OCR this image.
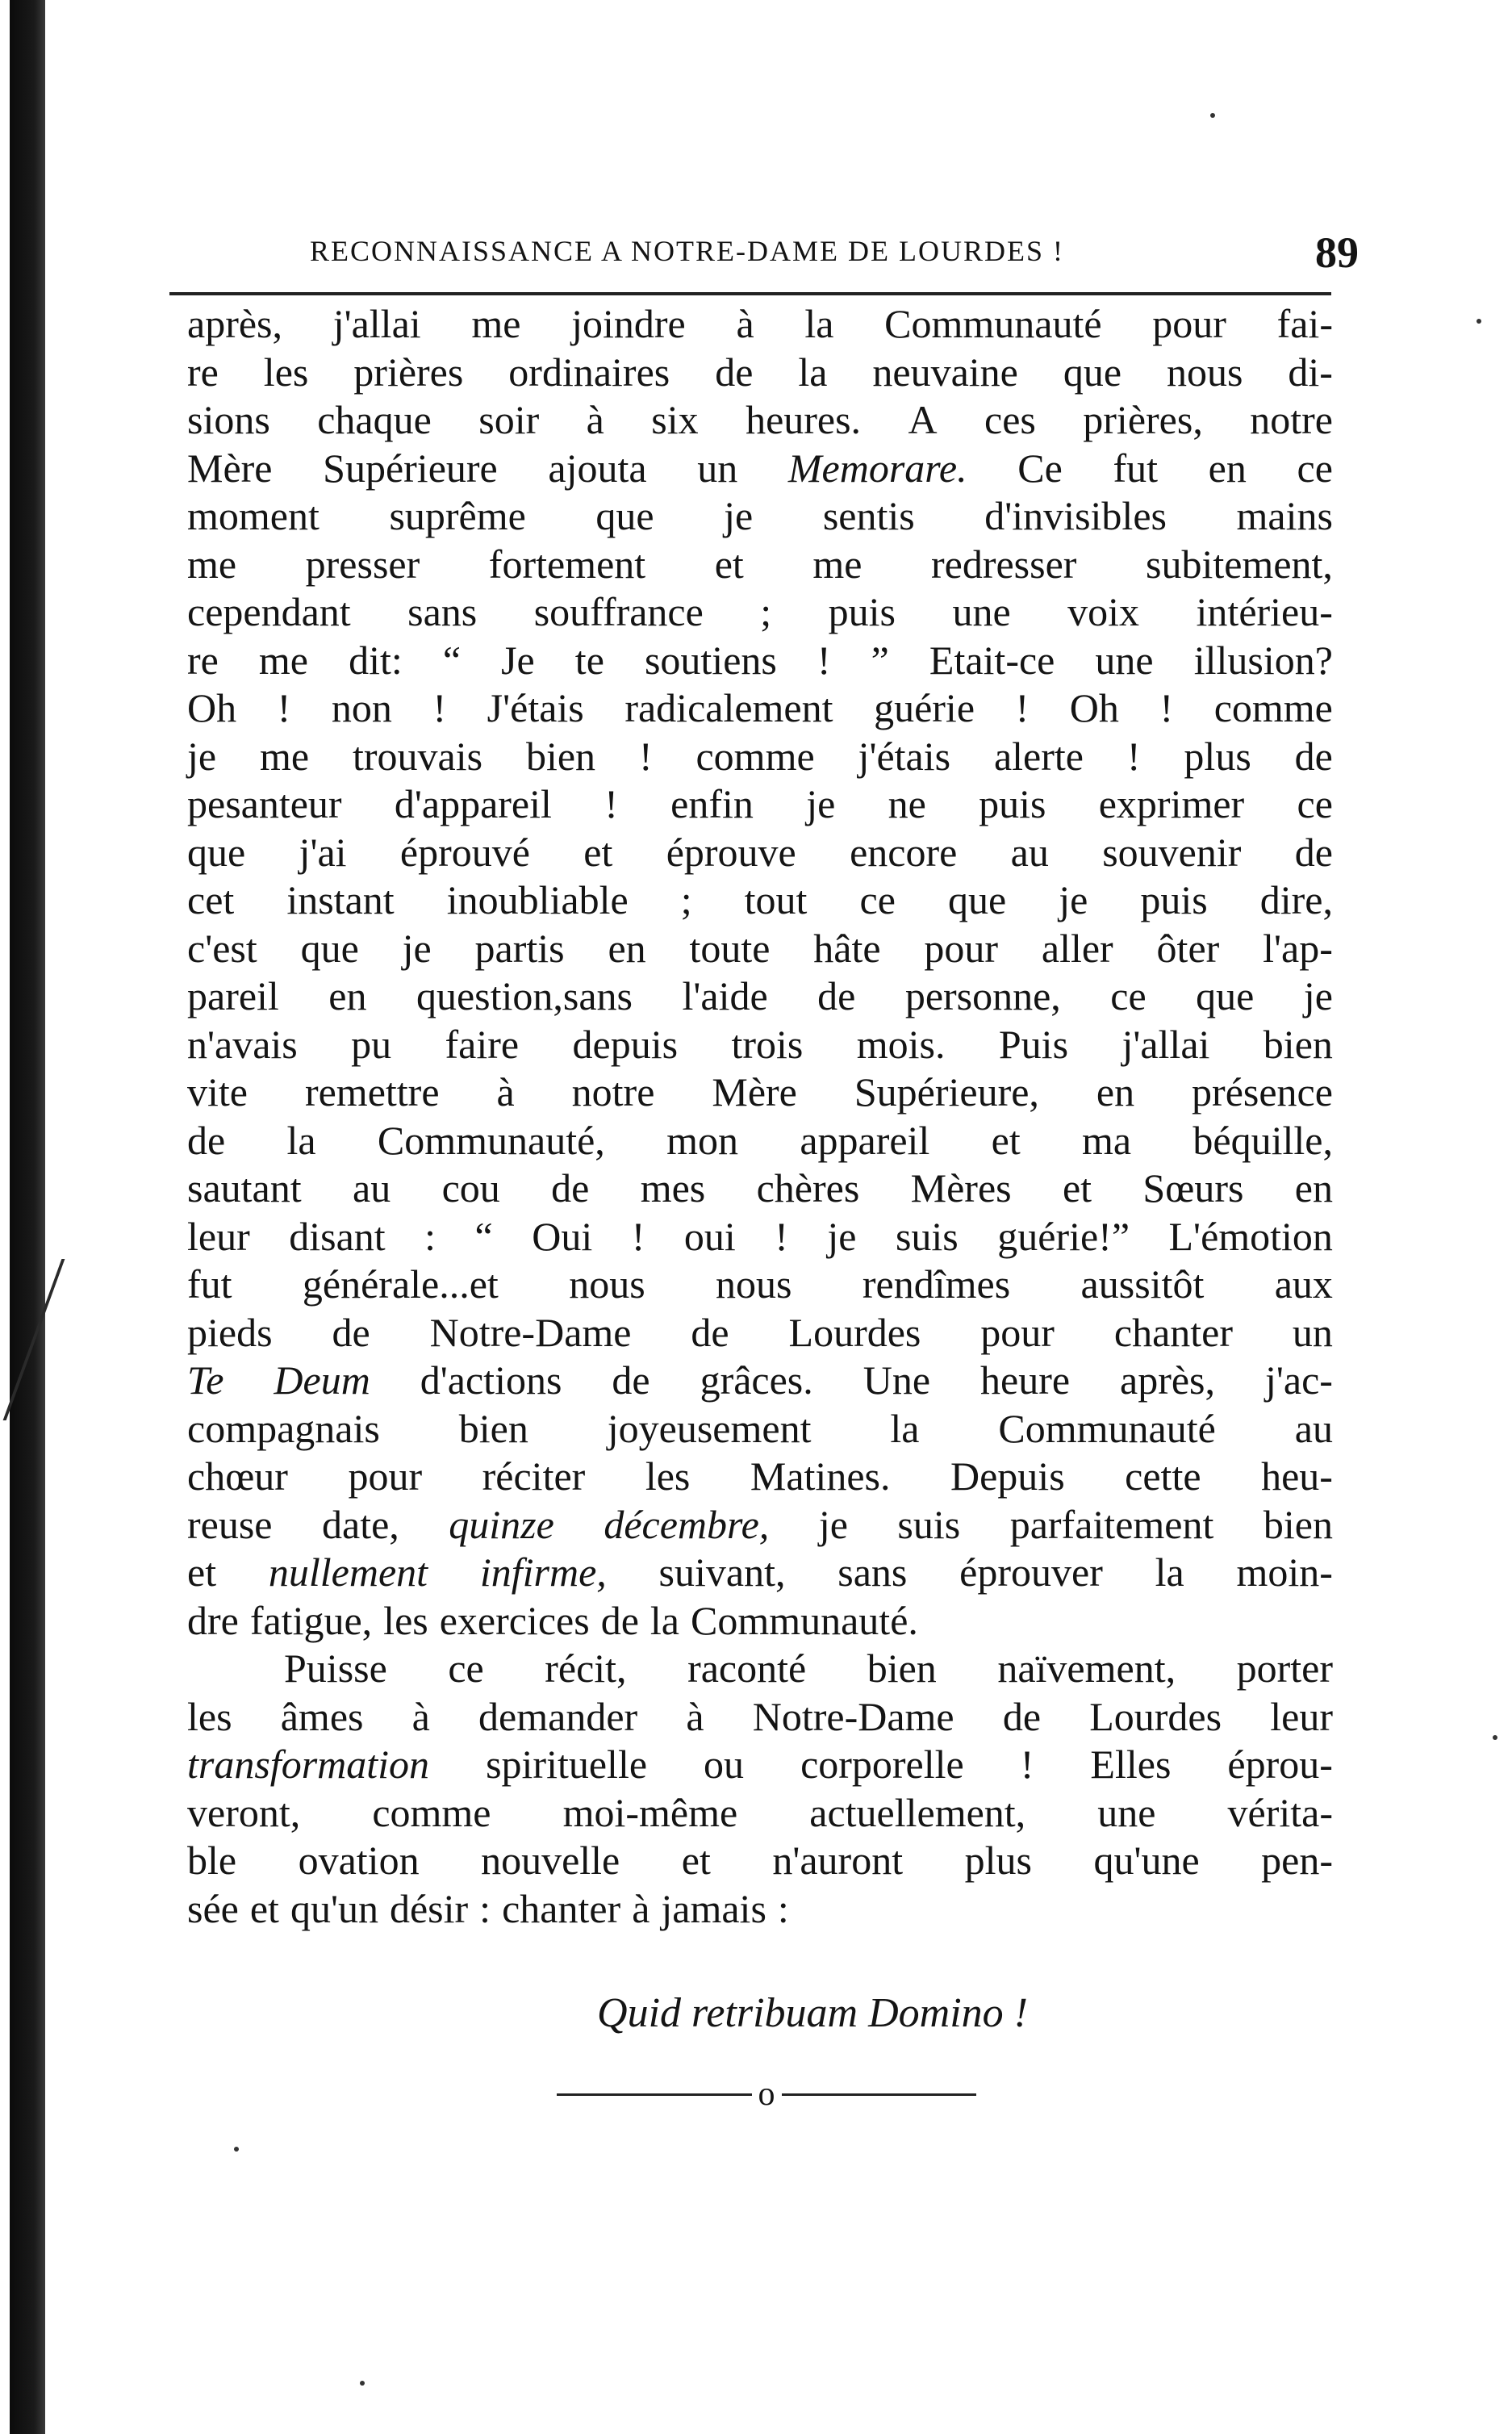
RECONNAISSANCE A NOTRE-DAME DE LOURDES !	89
après, j'allai me joindre à la Communauté pour fai-
re les prières ordinaires de la neuvaine que nous di-
sions chaque soir à six heures. A ces prières, notre
Mère Supérieure ajouta un Memorare. Ce fut en ce
moment suprême que je sentis d'invisibles mains
me presser fortement et me redresser subitement,
cependant sans souffrance ; puis une voix intérieu-
re me dit: “ Je te soutiens ! ” Etait-ce une illusion?
Oh ! non ! J'étais radicalement guérie ! Oh ! comme
je me trouvais bien ! comme j'étais alerte ! plus de
pesanteur d'appareil ! enfin je ne puis exprimer ce
que j'ai éprouvé et éprouve encore au souvenir de
cet instant inoubliable ; tout ce que je puis dire,
c'est que je partis en toute hâte pour aller ôter l'ap-
pareil en question,sans l'aide de personne, ce que je
n'avais pu faire depuis trois mois. Puis j'allai bien
vite remettre à notre Mère Supérieure, en présence
de la Communauté, mon appareil et ma béquille,
sautant au cou de mes chères Mères et Sœurs en
leur disant : “ Oui ! oui ! je suis guérie!” L'émotion
fut générale...et nous nous rendîmes aussitôt aux
pieds de Notre-Dame de Lourdes pour chanter un
Te Deum d'actions de grâces. Une heure après, j'ac-
compagnais bien joyeusement la Communauté au
chœur pour réciter les Matines. Depuis cette heu-
reuse date, quinze décembre, je suis parfaitement bien
et nullement infirme, suivant, sans éprouver la moin-
dre fatigue, les exercices de la Communauté.
Puisse ce récit, raconté bien naïvement, porter
les âmes à demander à Notre-Dame de Lourdes leur
transformation spirituelle ou corporelle ! Elles éprou-
veront, comme moi-même actuellement, une vérita-
ble ovation nouvelle et n'auront plus qu'une pen-
sée et qu'un désir : chanter à jamais :
Quid retribuam Domino !
o
